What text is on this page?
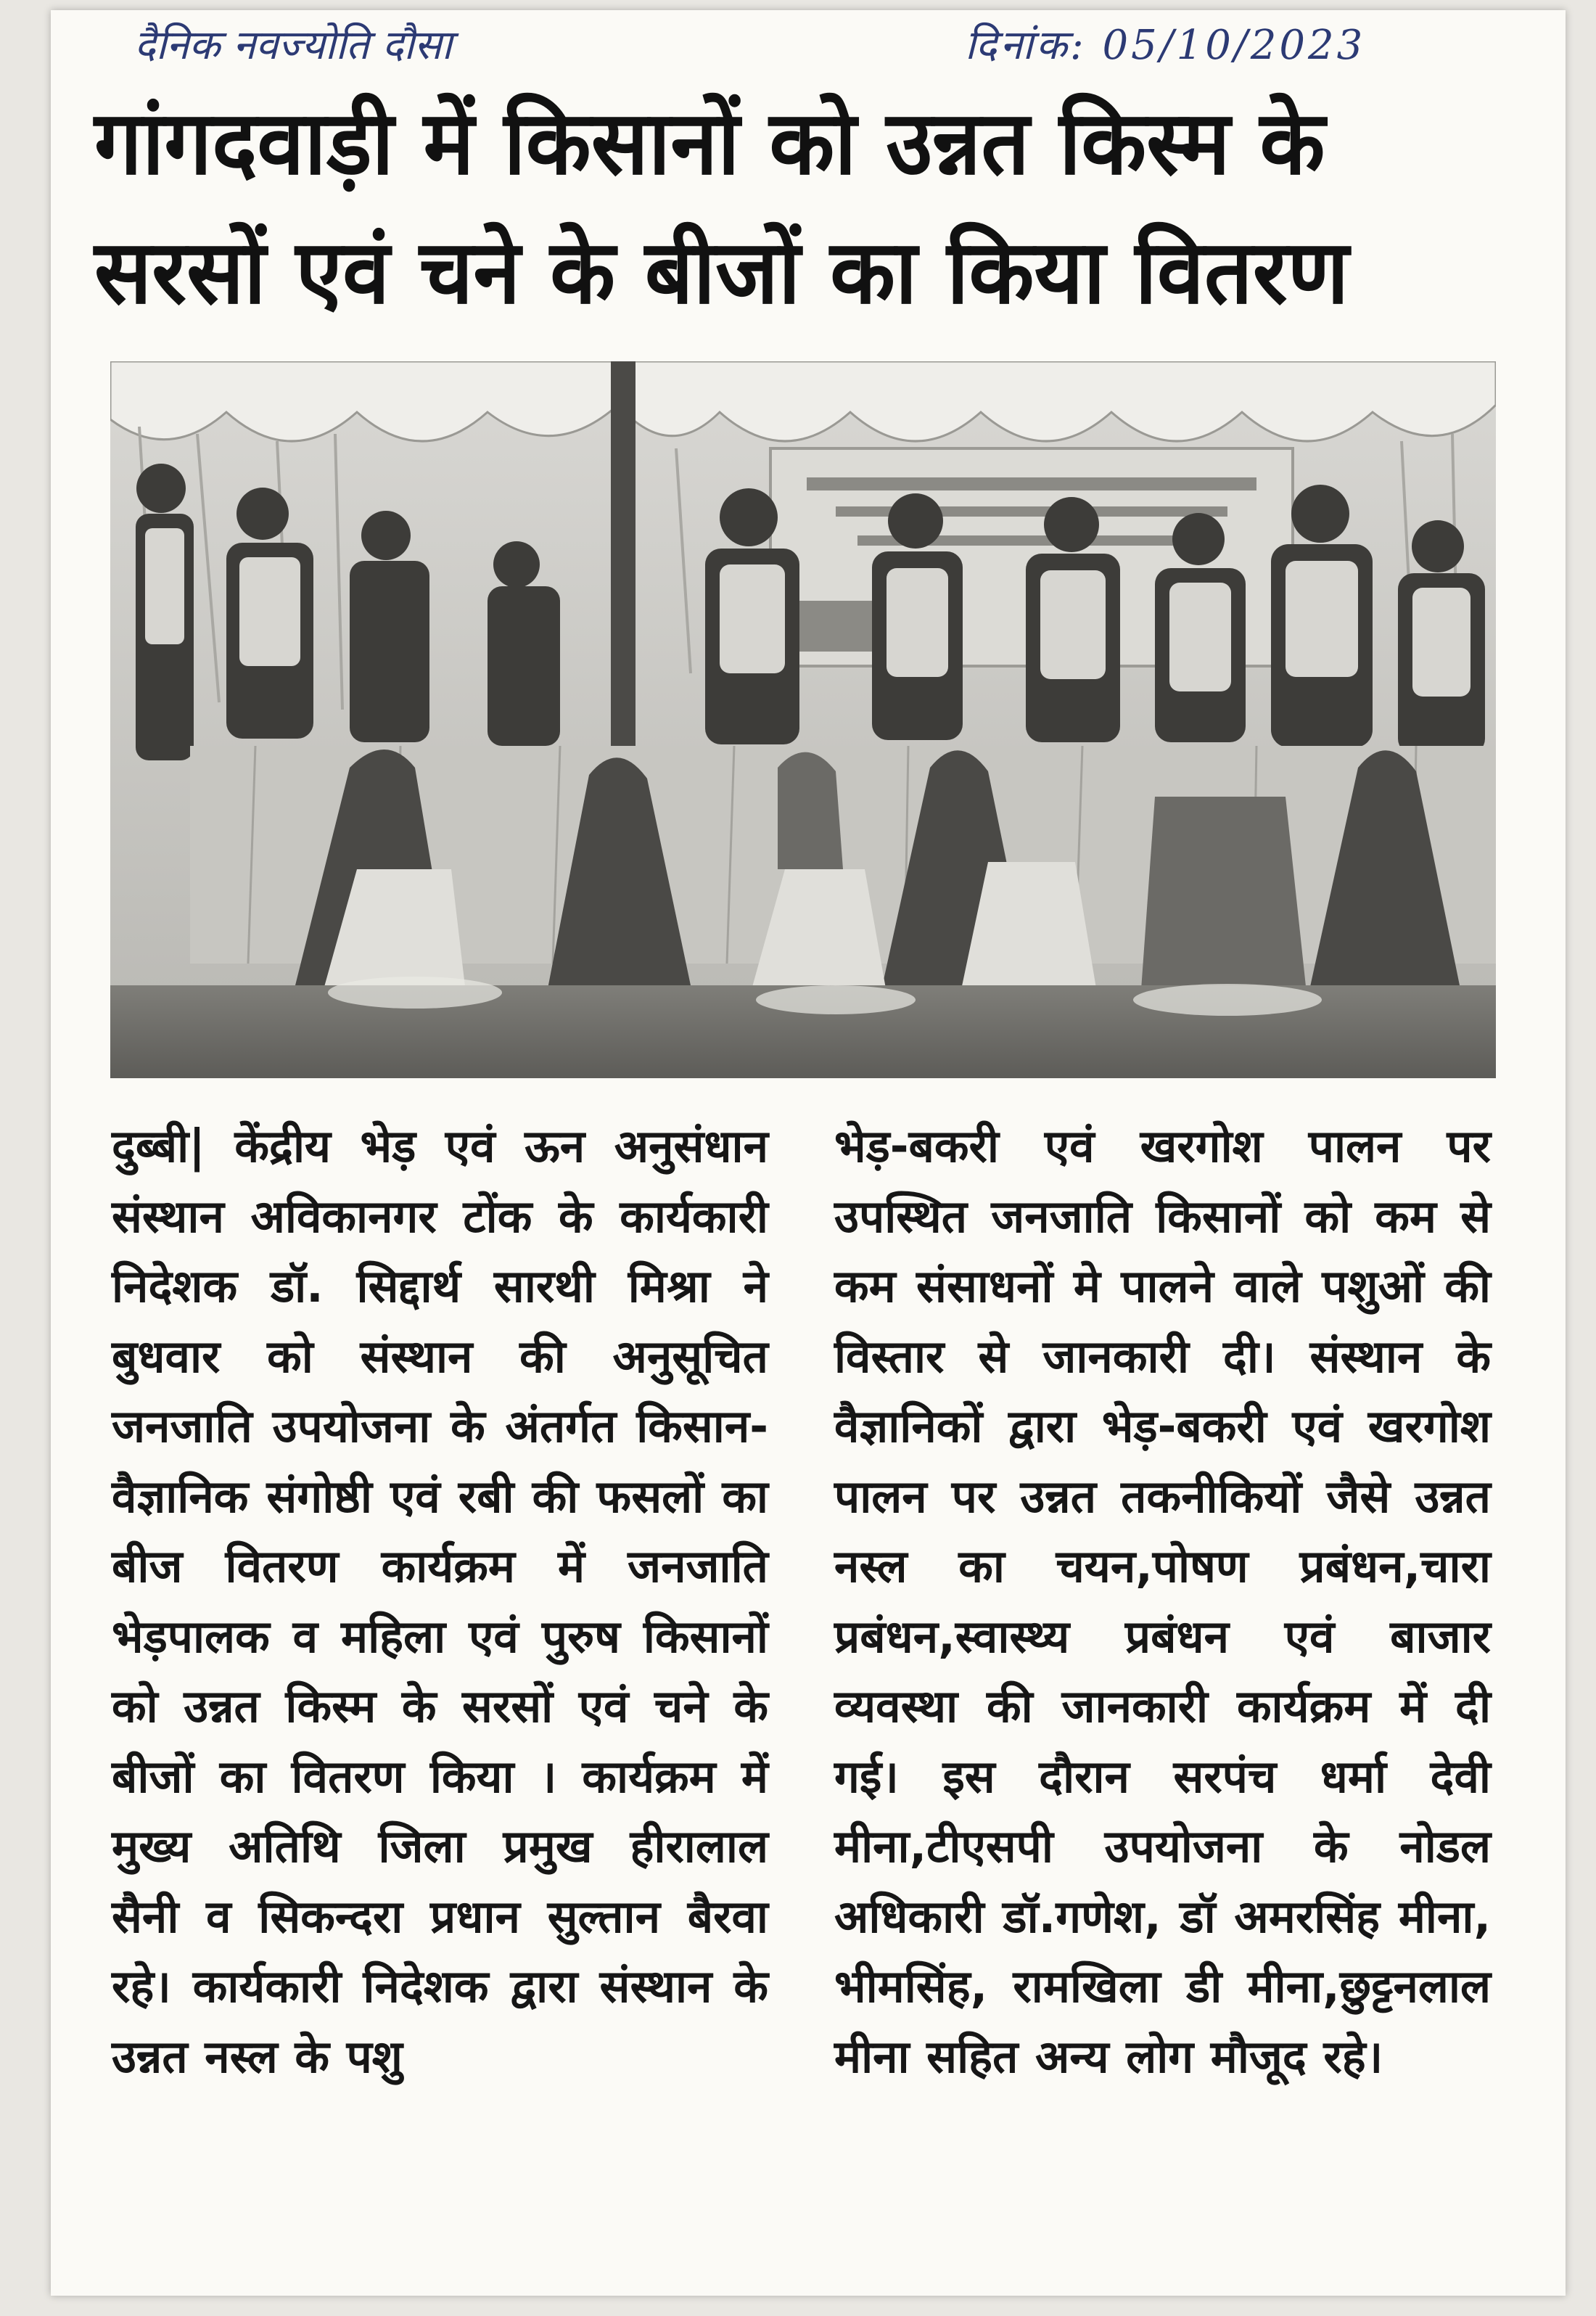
दैनिक नवज्योति दौसा	दिनांक: 05/10/2023
गांगदवाड़ी में किसानों को उन्नत किस्म के
सरसों एवं चने के बीजों का किया वितरण

दुब्बी| केंद्रीय भेड़ एवं ऊन अनुसंधान संस्थान अविकानगर टोंक के कार्यकारी निदेशक डॉ. सिद्दार्थ सारथी मिश्रा ने बुधवार को संस्थान की अनुसूचित जनजाति उपयोजना के अंतर्गत किसान-वैज्ञानिक संगोष्ठी एवं रबी की फसलों का बीज वितरण कार्यक्रम में जनजाति भेड़पालक व महिला एवं पुरुष किसानों को उन्नत किस्म के सरसों एवं चने के बीजों का वितरण किया । कार्यक्रम में मुख्य अतिथि जिला प्रमुख हीरालाल सैनी व सिकन्दरा प्रधान सुल्तान बैरवा रहे। कार्यकारी निदेशक द्वारा संस्थान के उन्नत नस्ल के पशु

भेड़-बकरी एवं खरगोश पालन पर उपस्थित जनजाति किसानों को कम से कम संसाधनों मे पालने वाले पशुओं की विस्तार से जानकारी दी। संस्थान के वैज्ञानिकों द्वारा भेड़-बकरी एवं खरगोश पालन पर उन्नत तकनीकियों जैसे उन्नत नस्ल का चयन,पोषण प्रबंधन,चारा प्रबंधन,स्वास्थ्य प्रबंधन एवं बाजार व्यवस्था की जानकारी कार्यक्रम में दी गई। इस दौरान सरपंच धर्मा देवी मीना,टीएसपी उपयोजना के नोडल अधिकारी डॉ.गणेश, डॉ अमरसिंह मीना, भीमसिंह, रामखिला डी मीना,छुट्टनलाल मीना सहित अन्य लोग मौजूद रहे।
